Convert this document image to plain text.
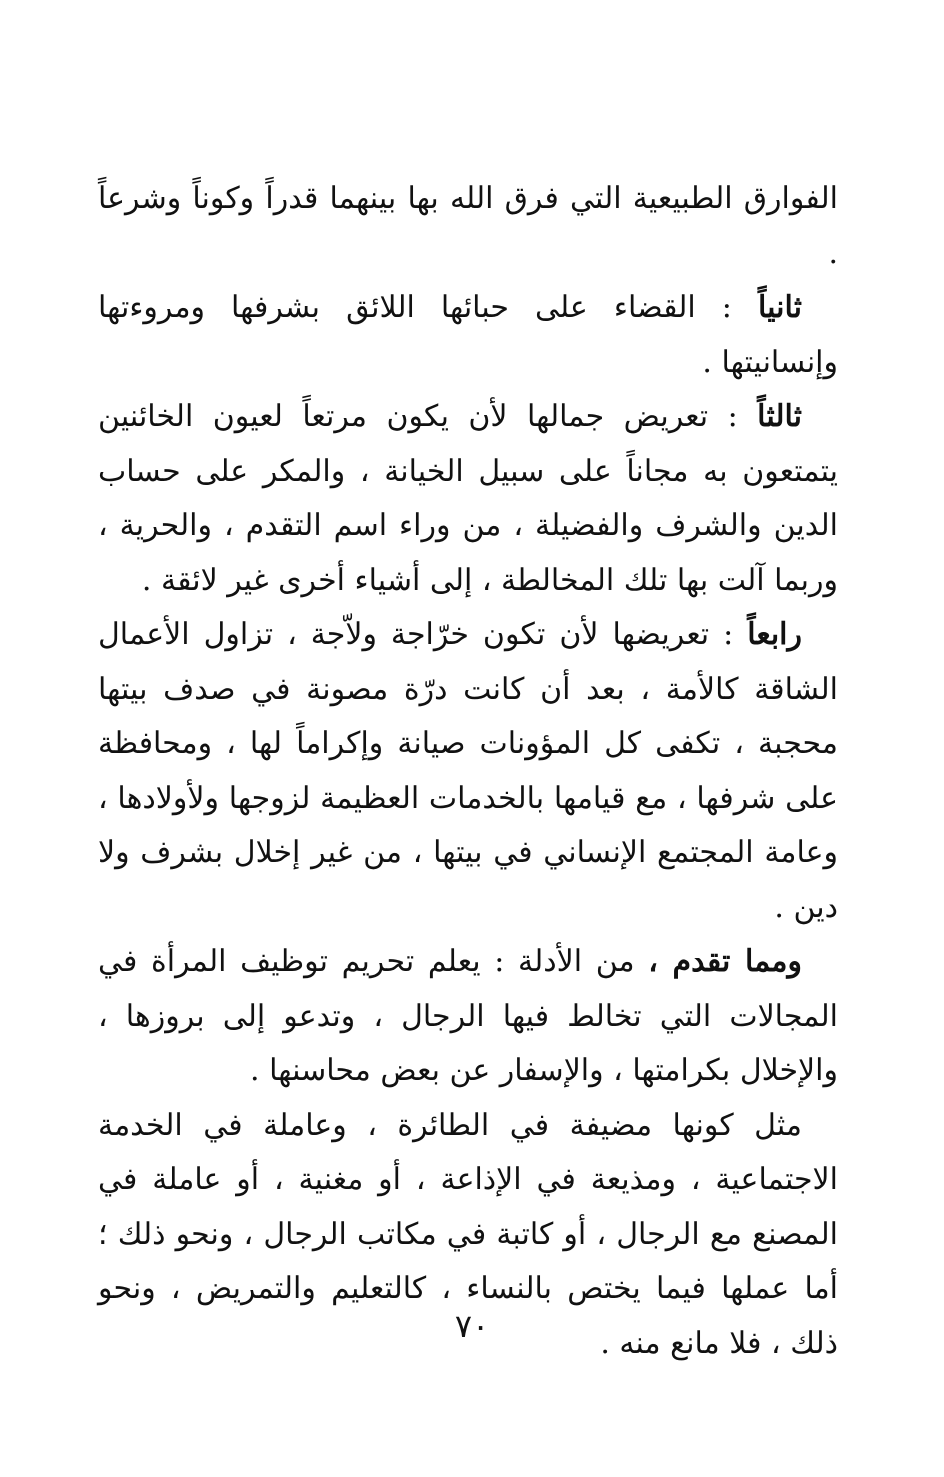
الفوارق الطبيعية التي فرق الله بها بينهما قدراً وكوناً وشرعاً .

ثانياً : القضاء على حبائها اللائق بشرفها ومروءتها وإنسانيتها .

ثالثاً : تعريض جمالها لأن يكون مرتعاً لعيون الخائنين يتمتعون به مجاناً على سبيل الخيانة ، والمكر على حساب الدين والشرف والفضيلة ، من وراء اسم التقدم ، والحرية ، وربما آلت بها تلك المخالطة ، إلى أشياء أخرى غير لائقة .

رابعاً : تعريضها لأن تكون خرّاجة ولاّجة ، تزاول الأعمال الشاقة كالأمة ، بعد أن كانت درّة مصونة في صدف بيتها محجبة ، تكفى كل المؤونات صيانة وإكراماً لها ، ومحافظة على شرفها ، مع قيامها بالخدمات العظيمة لزوجها ولأولادها ، وعامة المجتمع الإنساني في بيتها ، من غير إخلال بشرف ولا دين .

ومما تقدم ، من الأدلة : يعلم تحريم توظيف المرأة في المجالات التي تخالط فيها الرجال ، وتدعو إلى بروزها ، والإخلال بكرامتها ، والإسفار عن بعض محاسنها .

مثل كونها مضيفة في الطائرة ، وعاملة في الخدمة الاجتماعية ، ومذيعة في الإذاعة ، أو مغنية ، أو عاملة في المصنع مع الرجال ، أو كاتبة في مكاتب الرجال ، ونحو ذلك ؛ أما عملها فيما يختص بالنساء ، كالتعليم والتمريض ، ونحو ذلك ، فلا مانع منه .

٧٠
